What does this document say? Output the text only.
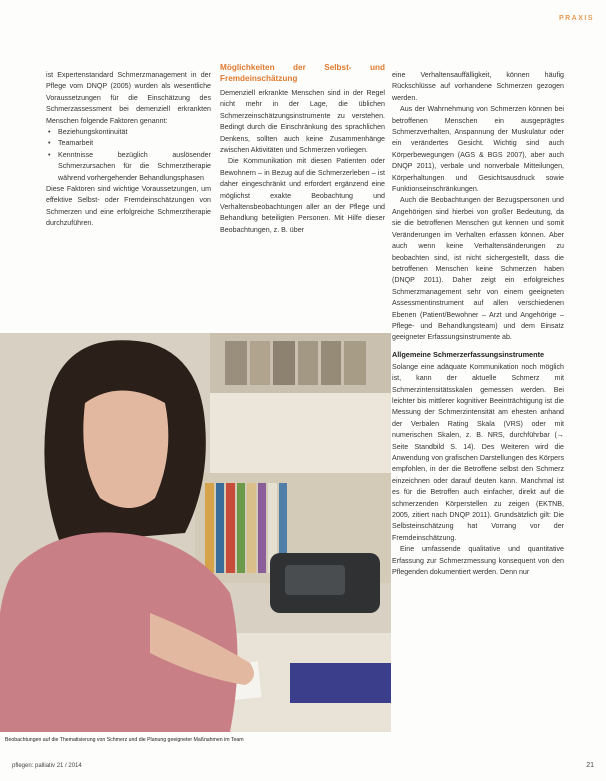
PRAXIS

ist Expertenstandard Schmerzmanagement in der Pflege vom DNQP (2005) wurden als wesentliche Voraussetzungen für die Einschätzung des Schmerzassessment bei demenziell erkrankten Menschen folgende Faktoren genannt:

• Beziehungskontinuität
• Teamarbeit
• Kenntnisse bezüglich auslösender Schmerzursachen für die Schmerztherapie während vorhergehender Behandlungsphasen

Diese Faktoren sind wichtige Voraussetzungen, um effektive Selbst- oder Fremdeinschätzungen von Schmerzen und eine erfolgreiche Schmerztherapie durchzuführen.

Möglichkeiten der Selbst- und Fremdeinschätzung

Demenziell erkrankte Menschen sind in der Regel nicht mehr in der Lage, die üblichen Schmerzeinschätzungsinstrumente zu verstehen. Bedingt durch die Einschränkung des sprachlichen Denkens, sollten auch keine Zusammenhänge zwischen Aktivitäten und Schmerzen vorliegen.

Die Kommunikation mit diesen Patienten oder Bewohnern – in Bezug auf die Schmerzerleben – ist daher eingeschränkt und erfordert ergänzend eine möglichst exakte Beobachtung und Verhaltensbeobachtungen aller an der Pflege und Behandlung beteiligten Personen. Mit Hilfe dieser Beobachtungen, z. B. über

eine Verhaltensauffälligkeit, können häufig Rückschlüsse auf vorhandene Schmerzen gezogen werden.

Aus der Wahrnehmung von Schmerzen können bei betroffenen Menschen ein ausgeprägtes Schmerzverhalten, Anspannung der Muskulatur oder ein verändertes Gesicht. Wichtig sind auch Körperbewegungen (AGS & BGS 2007), aber auch DNQP 2011), verbale und nonverbale Mitteilungen, Körperhaltungen und Gesichtsausdruck sowie Funktionseinschränkungen.

Auch die Beobachtungen der Bezugspersonen und Angehörigen sind hierbei von großer Bedeutung, da sie die betroffenen Menschen gut kennen und somit Veränderungen im Verhalten erfassen können. Aber auch wenn keine Verhaltensänderungen zu beobachten sind, ist nicht sichergestellt, dass die betroffenen Menschen keine Schmerzen haben (DNQP 2011). Daher zeigt ein erfolgreiches Schmerzmanagement sehr von einem geeigneten Assessmentinstrument auf allen verschiedenen Ebenen (Patient/Bewohner – Arzt und Angehörige – Pflege- und Behandlungsteam) und dem Einsatz geeigneter Erfassungsinstrumente ab.

Allgemeine Schmerzerfassungsinstrumente

Solange eine adäquate Kommunikation noch möglich ist, kann der aktuelle Schmerz mit Schmerzintensitätsskalen gemessen werden. Bei leichter bis mittlerer kognitiver Beeinträchtigung ist die Messung der Schmerzintensität am ehesten anhand der Verbalen Rating Skala (VRS) oder mit numerischen Skalen, z. B. NRS, durchführbar (→ Seite Standbild S. 14). Des Weiteren wird die Anwendung von grafischen Darstellungen des Körpers empfohlen, in der die Betroffene selbst den Schmerz einzeichnen oder darauf deuten kann. Manchmal ist es für die Betroffen auch einfacher, direkt auf die schmerzenden Körperstellen zu zeigen (EKTNB, 2005, zitiert nach DNQP 2011). Grundsätzlich gilt: Die Selbsteinschätzung hat Vorrang vor der Fremdeinschätzung.

Eine umfassende qualitative und quantitative Erfassung zur Schmerzmessung konsequent von den Pflegenden dokumentiert werden. Denn nur

Beobachtungen auf die Thematisierung von Schmerz und die Planung geeigneter Maßnahmen im Team
pflegen: palliativ 21 / 2014	21
